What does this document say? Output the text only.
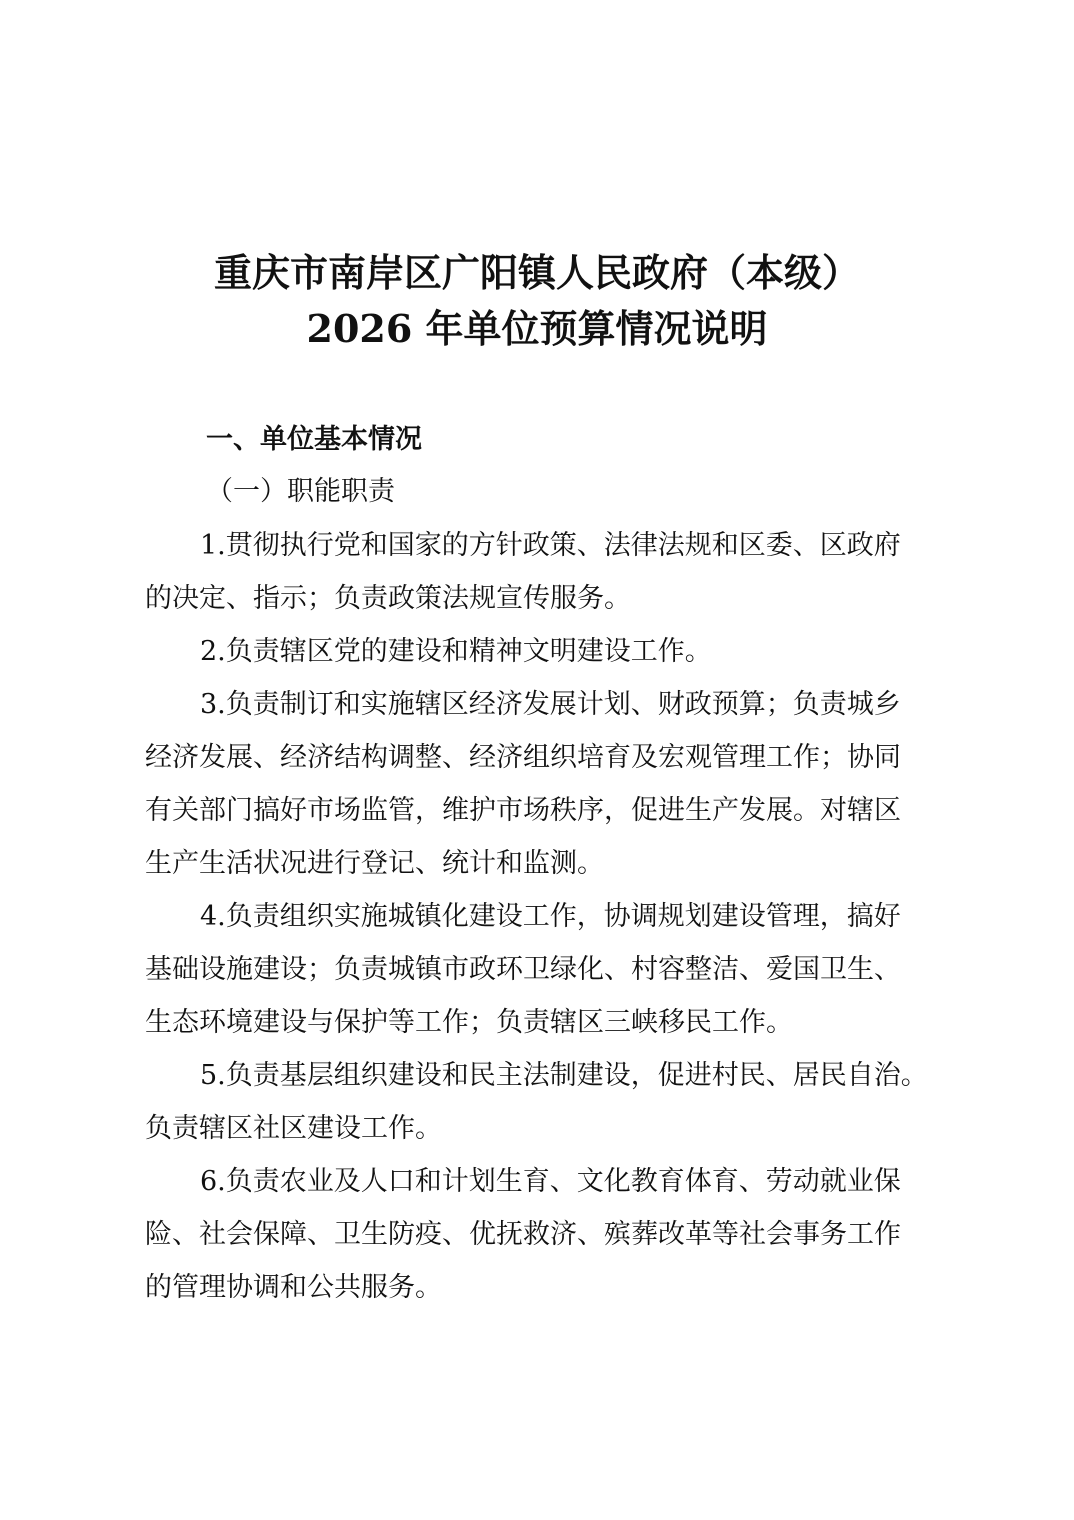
重庆市南岸区广阳镇人民政府（本级）
2026 年单位预算情况说明
一、单位基本情况
（一）职能职责
1.贯彻执行党和国家的方针政策、法律法规和区委、区政府
的决定、指示；负责政策法规宣传服务。
2.负责辖区党的建设和精神文明建设工作。
3.负责制订和实施辖区经济发展计划、财政预算；负责城乡
经济发展、经济结构调整、经济组织培育及宏观管理工作；协同
有关部门搞好市场监管，维护市场秩序，促进生产发展。对辖区
生产生活状况进行登记、统计和监测。
4.负责组织实施城镇化建设工作，协调规划建设管理，搞好
基础设施建设；负责城镇市政环卫绿化、村容整洁、爱国卫生、
生态环境建设与保护等工作；负责辖区三峡移民工作。
5.负责基层组织建设和民主法制建设，促进村民、居民自治。
负责辖区社区建设工作。
6.负责农业及人口和计划生育、文化教育体育、劳动就业保
险、社会保障、卫生防疫、优抚救济、殡葬改革等社会事务工作
的管理协调和公共服务。
